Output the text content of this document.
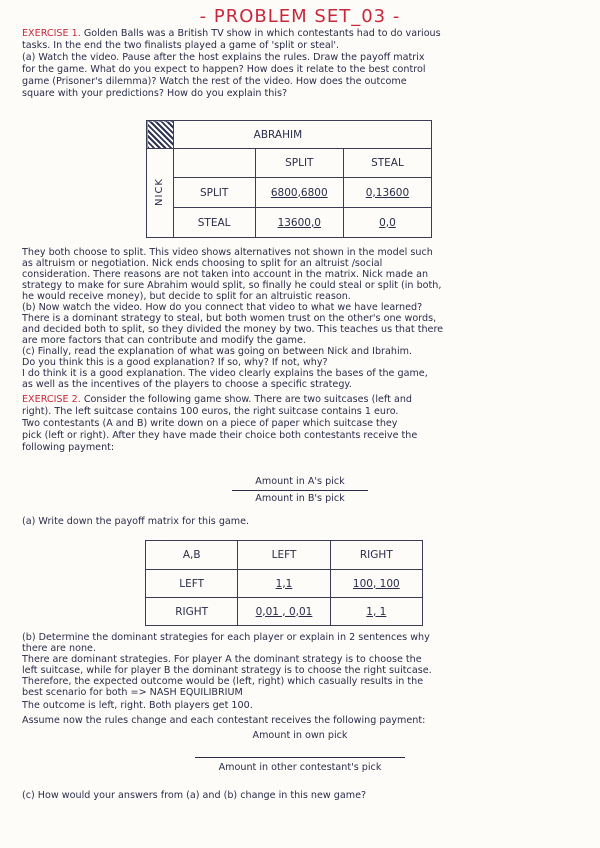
- PROBLEM SET_03 -
EXERCISE 1. Golden Balls was a British TV show in which contestants had to do various
tasks. In the end the two finalists played a game of 'split or steal'.
(a) Watch the video. Pause after the host explains the rules. Draw the payoff matrix
for the game. What do you expect to happen? How does it relate to the best control
game (Prisoner's dilemma)? Watch the rest of the video. How does the outcome
square with your predictions? How do you explain this?
	ABRAHIM		
NICK		SPLIT	STEAL
	SPLIT	6800,6800	0,13600
	STEAL	13600,0	0,0
They both choose to split. This video shows alternatives not shown in the model such
as altruism or negotiation. Nick ends choosing to split for an altruist /social
consideration. There reasons are not taken into account in the matrix. Nick made an
strategy to make for sure Abrahim would split, so finally he could steal or split (in both,
he would receive money), but decide to split for an altruistic reason.
(b) Now watch the video. How do you connect that video to what we have learned?
There is a dominant strategy to steal, but both women trust on the other's one words,
and decided both to split, so they divided the money by two. This teaches us that there
are more factors that can contribute and modify the game.
(c) Finally, read the explanation of what was going on between Nick and Ibrahim.
Do you think this is a good explanation? If so, why? If not, why?
I do think it is a good explanation. The video clearly explains the bases of the game,
as well as the incentives of the players to choose a specific strategy.
EXERCISE 2. Consider the following game show. There are two suitcases (left and
right). The left suitcase contains 100 euros, the right suitcase contains 1 euro.
Two contestants (A and B) write down on a piece of paper which suitcase they
pick (left or right). After they have made their choice both contestants receive the
following payment:
Amount in A's pick
Amount in B's pick
(a) Write down the payoff matrix for this game.
A,B	LEFT	RIGHT
LEFT	1,1	100, 100
RIGHT	0,01 , 0,01	1, 1
(b) Determine the dominant strategies for each player or explain in 2 sentences why
there are none.
There are dominant strategies. For player A the dominant strategy is to choose the
left suitcase, while for player B the dominant strategy is to choose the right suitcase.
Therefore, the expected outcome would be (left, right) which casually results in the
best scenario for both => NASH EQUILIBRIUM
The outcome is left, right. Both players get 100.
Assume now the rules change and each contestant receives the following payment:
Amount in own pick
Amount in other contestant's pick
(c) How would your answers from (a) and (b) change in this new game?
